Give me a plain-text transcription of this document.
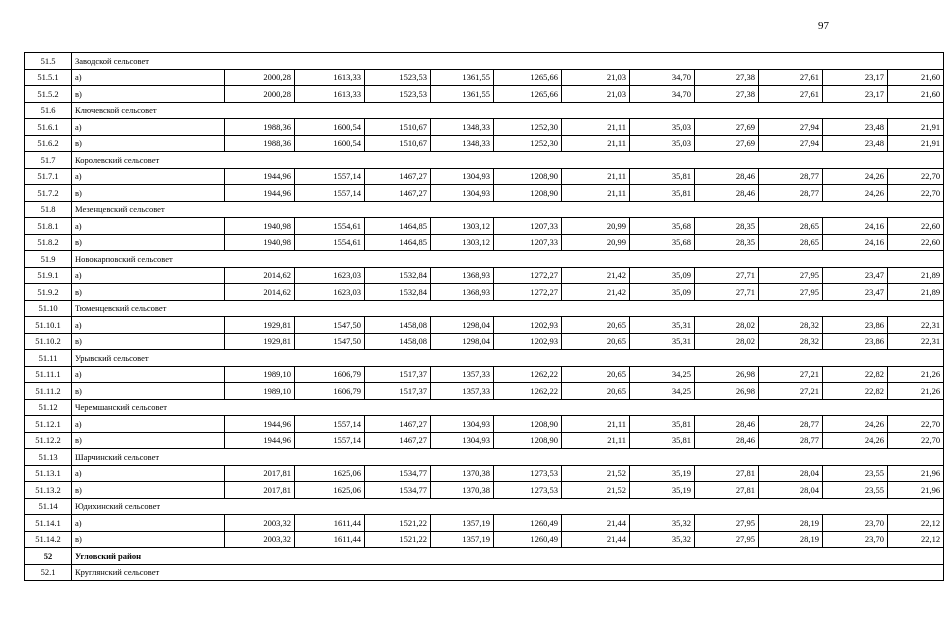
97
51.5	Заводской сельсовет											
51.5.1	а)	2000,28	1613,33	1523,53	1361,55	1265,66	21,03	34,70	27,38	27,61	23,17	21,60
51.5.2	в)	2000,28	1613,33	1523,53	1361,55	1265,66	21,03	34,70	27,38	27,61	23,17	21,60
51.6	Ключевской сельсовет											
51.6.1	а)	1988,36	1600,54	1510,67	1348,33	1252,30	21,11	35,03	27,69	27,94	23,48	21,91
51.6.2	в)	1988,36	1600,54	1510,67	1348,33	1252,30	21,11	35,03	27,69	27,94	23,48	21,91
51.7	Королевский сельсовет											
51.7.1	а)	1944,96	1557,14	1467,27	1304,93	1208,90	21,11	35,81	28,46	28,77	24,26	22,70
51.7.2	в)	1944,96	1557,14	1467,27	1304,93	1208,90	21,11	35,81	28,46	28,77	24,26	22,70
51.8	Мезенцевский сельсовет											
51.8.1	а)	1940,98	1554,61	1464,85	1303,12	1207,33	20,99	35,68	28,35	28,65	24,16	22,60
51.8.2	в)	1940,98	1554,61	1464,85	1303,12	1207,33	20,99	35,68	28,35	28,65	24,16	22,60
51.9	Новокарповский сельсовет											
51.9.1	а)	2014,62	1623,03	1532,84	1368,93	1272,27	21,42	35,09	27,71	27,95	23,47	21,89
51.9.2	в)	2014,62	1623,03	1532,84	1368,93	1272,27	21,42	35,09	27,71	27,95	23,47	21,89
51.10	Тюменцевский сельсовет											
51.10.1	а)	1929,81	1547,50	1458,08	1298,04	1202,93	20,65	35,31	28,02	28,32	23,86	22,31
51.10.2	в)	1929,81	1547,50	1458,08	1298,04	1202,93	20,65	35,31	28,02	28,32	23,86	22,31
51.11	Урывский сельсовет											
51.11.1	а)	1989,10	1606,79	1517,37	1357,33	1262,22	20,65	34,25	26,98	27,21	22,82	21,26
51.11.2	в)	1989,10	1606,79	1517,37	1357,33	1262,22	20,65	34,25	26,98	27,21	22,82	21,26
51.12	Черемшанский сельсовет											
51.12.1	а)	1944,96	1557,14	1467,27	1304,93	1208,90	21,11	35,81	28,46	28,77	24,26	22,70
51.12.2	в)	1944,96	1557,14	1467,27	1304,93	1208,90	21,11	35,81	28,46	28,77	24,26	22,70
51.13	Шарчинский сельсовет											
51.13.1	а)	2017,81	1625,06	1534,77	1370,38	1273,53	21,52	35,19	27,81	28,04	23,55	21,96
51.13.2	в)	2017,81	1625,06	1534,77	1370,38	1273,53	21,52	35,19	27,81	28,04	23,55	21,96
51.14	Юдихинский сельсовет											
51.14.1	а)	2003,32	1611,44	1521,22	1357,19	1260,49	21,44	35,32	27,95	28,19	23,70	22,12
51.14.2	в)	2003,32	1611,44	1521,22	1357,19	1260,49	21,44	35,32	27,95	28,19	23,70	22,12
52	Угловский район											
52.1	Круглянский сельсовет											
